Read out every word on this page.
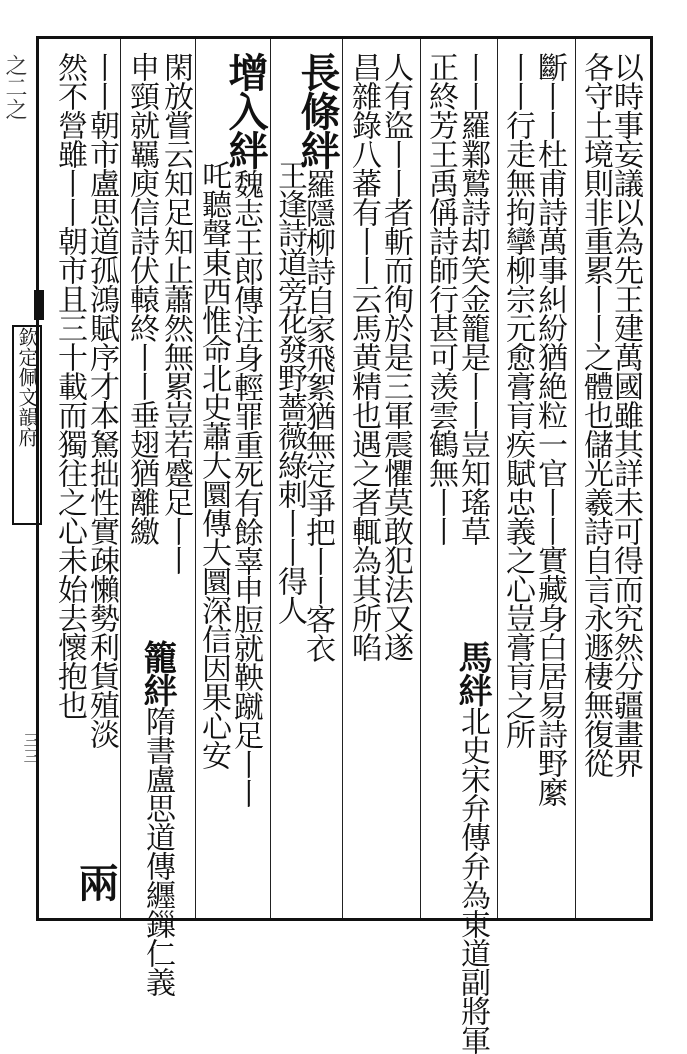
之二之
欽定佩文韻府
三三	以時事妄議以為先王建萬國雖其詳未可得而究然分疆畫界
各守土境則非重累丨丨之體也儲光羲詩自言永遯棲無復從
斷丨丨杜甫詩萬事糾紛猶絶粒一官丨丨實藏身白居易詩野縻
丨丨行走無拘攣柳宗元愈膏肓疾賦忠義之心豈膏肓之所
丨丨羅鄴鷲詩却笑金籠是丨丨豈知瑤草
馬絆北史宋弁傳弁為東道副將軍
正終芳王禹偁詩師行甚可羡雲鶴無丨丨
人有盜丨丨者斬而徇於是三軍震懼莫敢犯法又遂
昌雜錄八蕃有丨丨云馬黄精也遇之者輒為其所啗
長條絆羅隱柳詩自家飛絮猶無定爭把丨丨客衣
王逢詩道旁花發野薔薇綠刺丨丨得人
增入絆魏志王郎傳注身輕罪重死有餘辜申脰就鞅蹴足丨丨
吒聽聲東西惟命北史蕭大圜傳大圜深信因果心安
閑放嘗云知足知止蕭然無累豈若蹙足丨丨
申頸就羈庾信詩伏轅終丨丨垂翅猶離繳
籠絆隋書盧思道傳纒鏁仁義
丨丨朝市盧思道孤鴻賦序才本駑拙性實疎懶勢利貨殖淡
然不營雖丨丨朝市且三十載而獨往之心未始去懷抱也
兩
